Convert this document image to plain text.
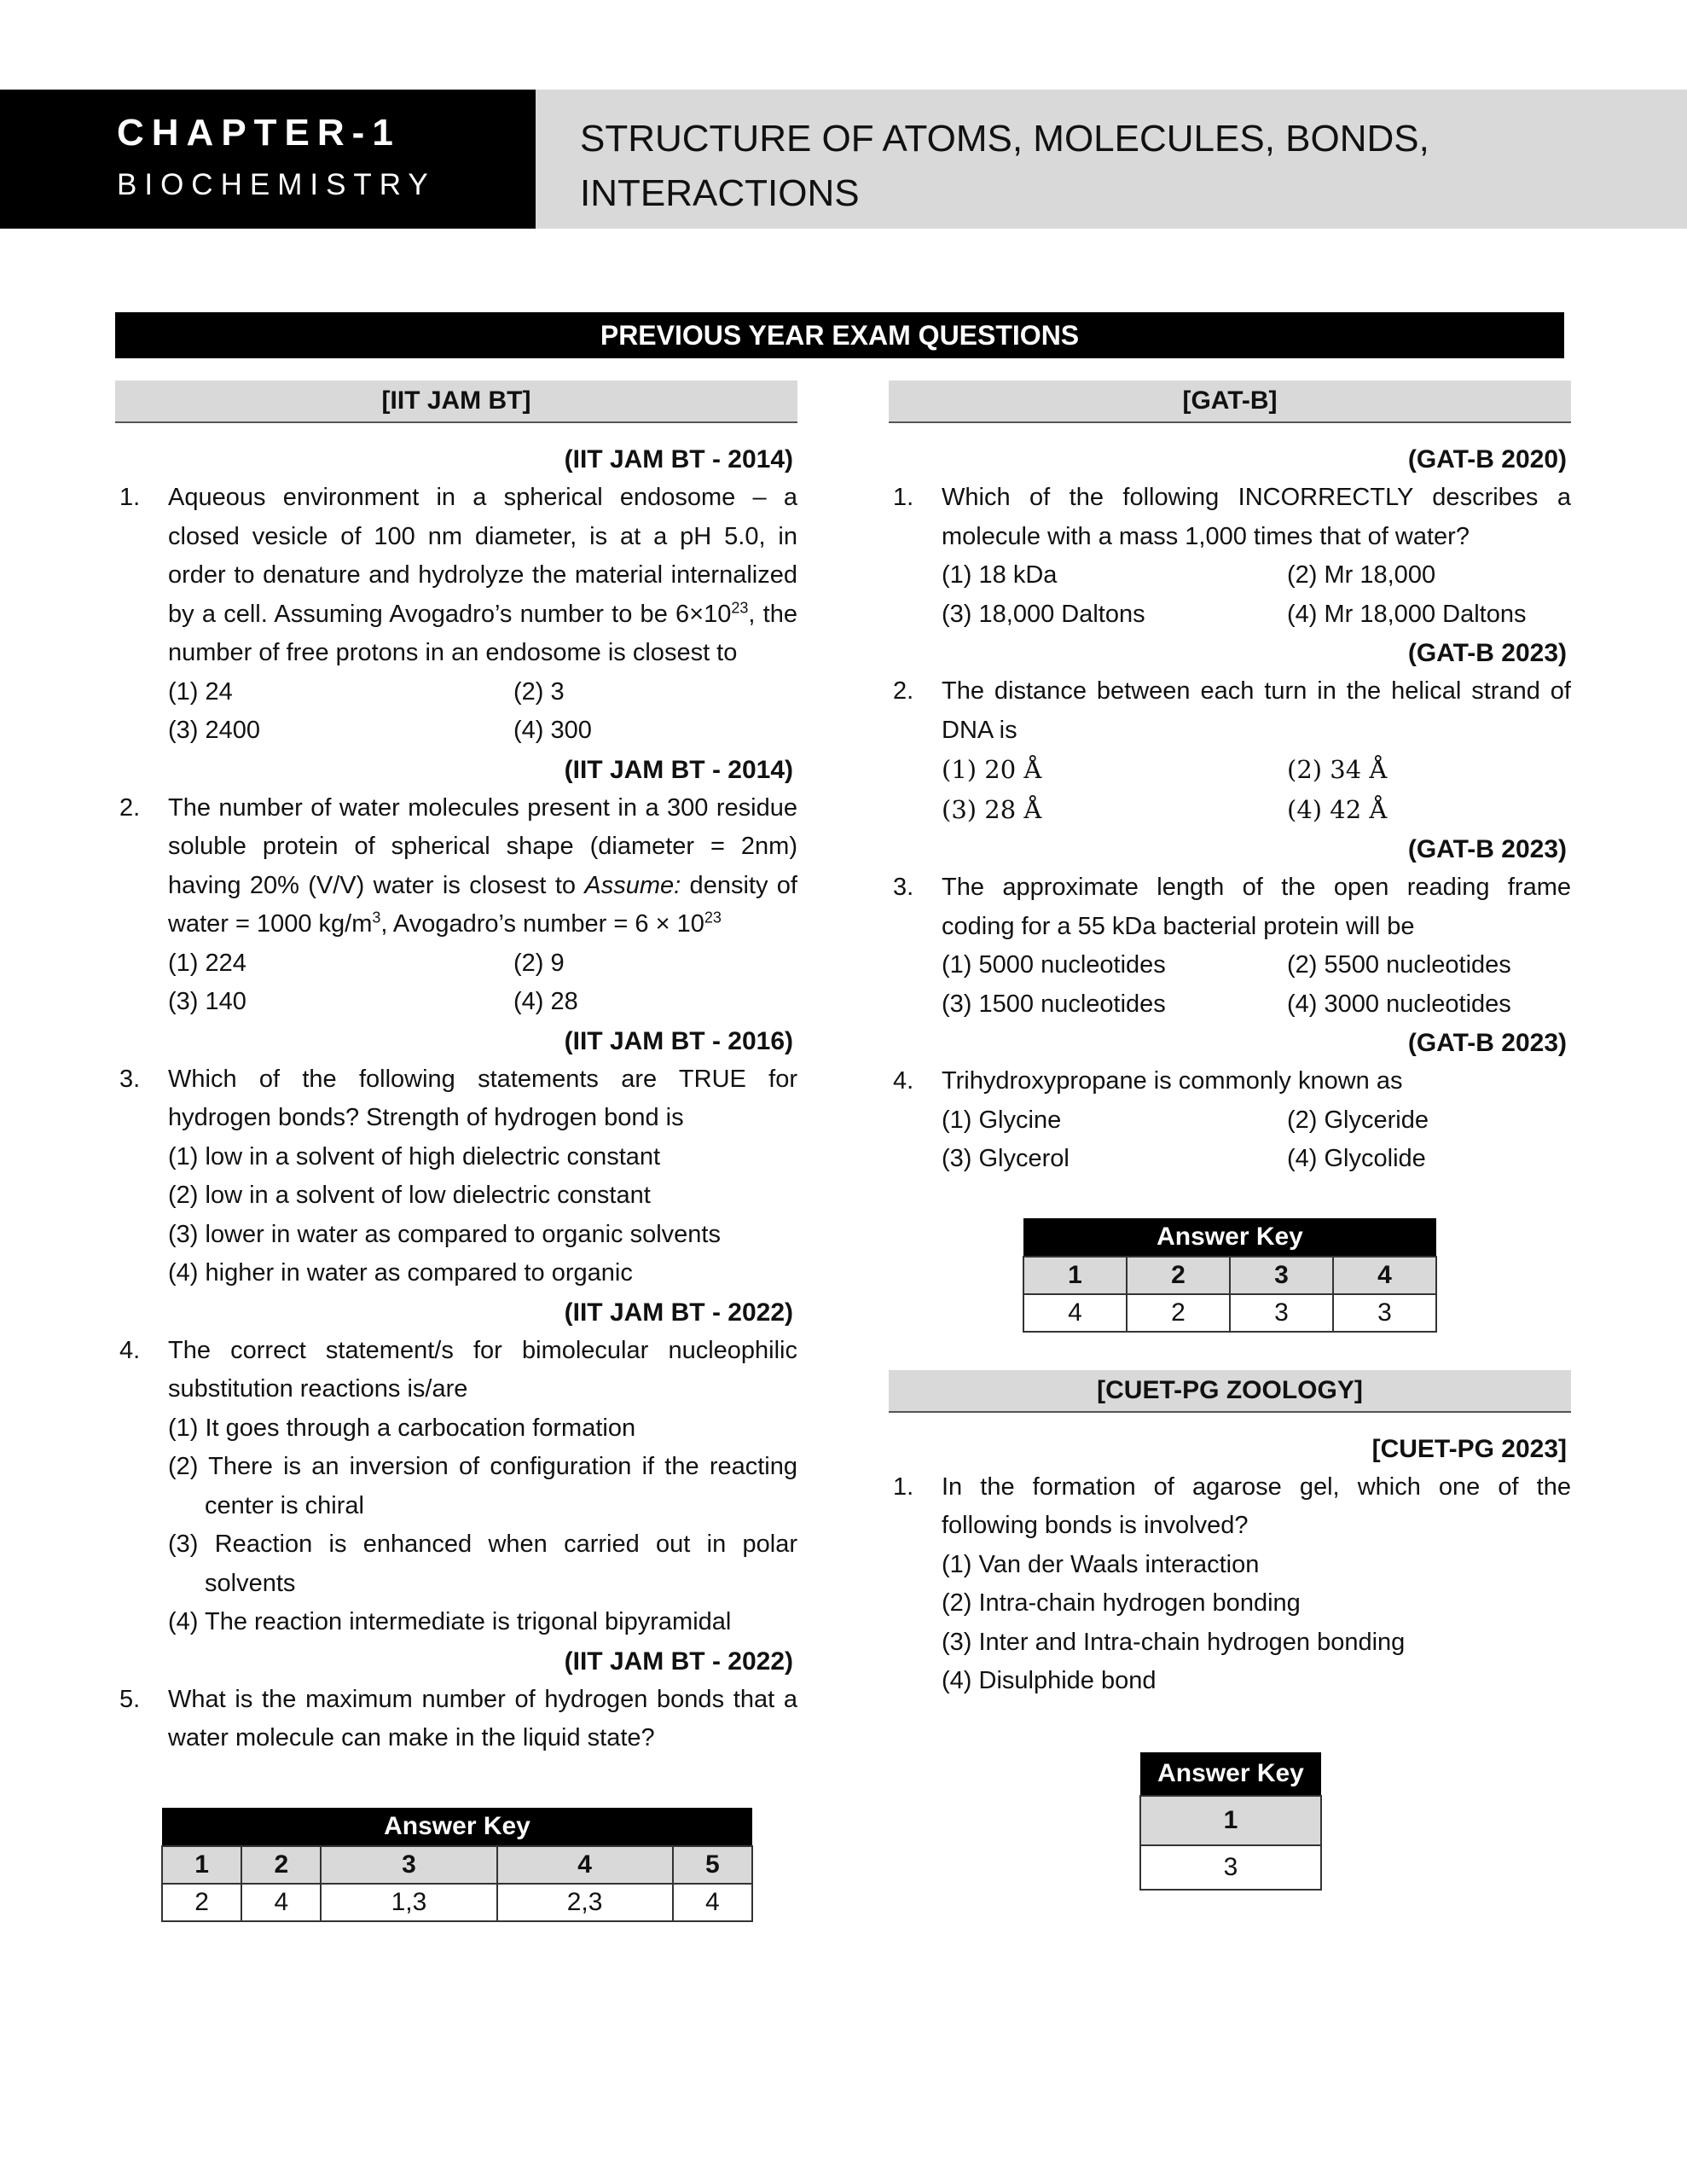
CHAPTER-1
BIOCHEMISTRY
STRUCTURE OF ATOMS, MOLECULES, BONDS,
INTERACTIONS
PREVIOUS YEAR EXAM QUESTIONS
[IIT JAM BT]
(IIT JAM BT - 2014)
1. Aqueous environment in a spherical endosome – a closed vesicle of 100 nm diameter, is at a pH 5.0, in order to denature and hydrolyze the material internalized by a cell. Assuming Avogadro’s number to be $6\times 10^{23}$, the number of free protons in an endosome is closest to
(1) 24	(2) 3
(3) 2400	(4) 300
(IIT JAM BT - 2014)
2. The number of water molecules present in a 300 residue soluble protein of spherical shape (diameter = 2nm) having 20% (V/V) water is closest to Assume: density of water = 1000 $kg/m^3$, Avogadro’s number = $6 \times 10^{23}$
(1) 224	(2) 9
(3) 140	(4) 28
(IIT JAM BT - 2016)
3. Which of the following statements are TRUE for hydrogen bonds? Strength of hydrogen bond is
(1) low in a solvent of high dielectric constant
(2) low in a solvent of low dielectric constant
(3) lower in water as compared to organic solvents
(4) higher in water as compared to organic
(IIT JAM BT - 2022)
4. The correct statement/s for bimolecular nucleophilic substitution reactions is/are
(1) It goes through a carbocation formation
(2) There is an inversion of configuration if the reacting center is chiral
(3) Reaction is enhanced when carried out in polar solvents
(4) The reaction intermediate is trigonal bipyramidal
(IIT JAM BT - 2022)
5. What is the maximum number of hydrogen bonds that a water molecule can make in the liquid state?
Answer Key				
1	2	3	4	5
2	4	1,3	2,3	4
[GAT-B]
(GAT-B 2020)
1. Which of the following INCORRECTLY describes a molecule with a mass 1,000 times that of water?
(1) 18 kDa	(2) Mr 18,000
(3) 18,000 Daltons	(4) Mr 18,000 Daltons
(GAT-B 2023)
2. The distance between each turn in the helical strand of DNA is
(1) 20 Å	(2) 34 Å
(3) 28 Å	(4) 42 Å
(GAT-B 2023)
3. The approximate length of the open reading frame coding for a 55 kDa bacterial protein will be
(1) 5000 nucleotides	(2) 5500 nucleotides
(3) 1500 nucleotides	(4) 3000 nucleotides
(GAT-B 2023)
4. Trihydroxypropane is commonly known as
(1) Glycine	(2) Glyceride
(3) Glycerol	(4) Glycolide
Answer Key			
1	2	3	4
4	2	3	3
[CUET-PG ZOOLOGY]
[CUET-PG 2023]
1. In the formation of agarose gel, which one of the following bonds is involved?
(1) Van der Waals interaction
(2) Intra-chain hydrogen bonding
(3) Inter and Intra-chain hydrogen bonding
(4) Disulphide bond
Answer Key
1
3
